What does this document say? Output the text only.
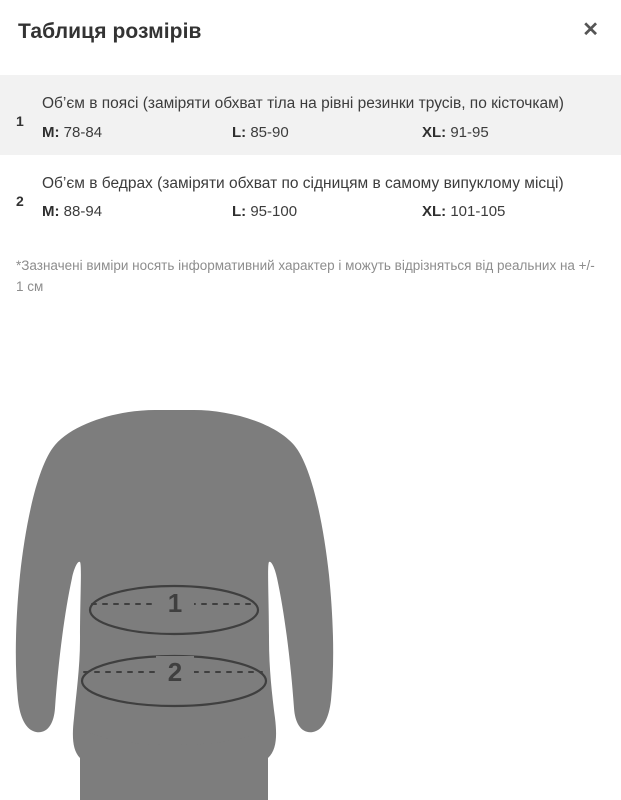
Таблиця розмірів	✕
1

Об’єм в поясі (заміряти обхват тіла на рівні резинки трусів, по кісточкам)

M: 78-84	L: 85-90	XL: 91-95
2

Об’єм в бедрах (заміряти обхват по сідницям в самому випуклому місці)

M: 88-94	L: 95-100	XL: 101-105

*Зазначені виміри носять інформативний характер і можуть відрізняться від реальних на +/- 1 см

1
2
